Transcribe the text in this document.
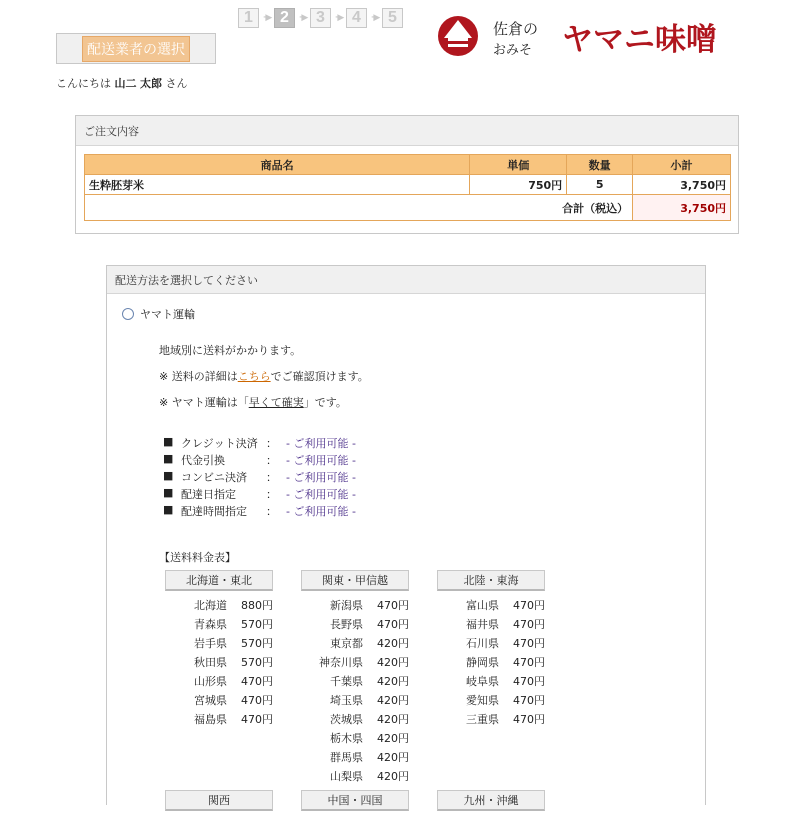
1	···▶ 2	···▶ 3	···▶ 4	···▶ 5
配送業者の選択
佐倉の
おみそ ヤマニ味噌
こんにちは 山二 太郎 さん
ご注文内容
商品名	単価	数量	小計
生粋胚芽米	750円	5	3,750円
合計（税込）			3,750円
配送方法を選択してください
ヤマト運輸
地域別に送料がかかります。
※ 送料の詳細はこちらでご確認頂けます。
※ ヤマト運輸は「早くて確実」です。
■ クレジット決済 ： - ご利用可能 -
■ 代金引換	： - ご利用可能 -
■ コンビニ決済	： - ご利用可能 -
■ 配達日指定	： - ご利用可能 -
■ 配達時間指定	： - ご利用可能 -
【送料料金表】
北海道・東北
北海道	880円
青森県	570円
岩手県	570円
秋田県	570円
山形県	470円
宮城県	470円
福島県	470円
関東・甲信越
新潟県	470円
長野県	470円
東京都	420円
神奈川県	420円
千葉県	420円
埼玉県	420円
茨城県	420円
栃木県	420円
群馬県	420円
山梨県	420円
北陸・東海
富山県	470円
福井県	470円
石川県	470円
静岡県	470円
岐阜県	470円
愛知県	470円
三重県	470円
関西	中国・四国	九州・沖縄
